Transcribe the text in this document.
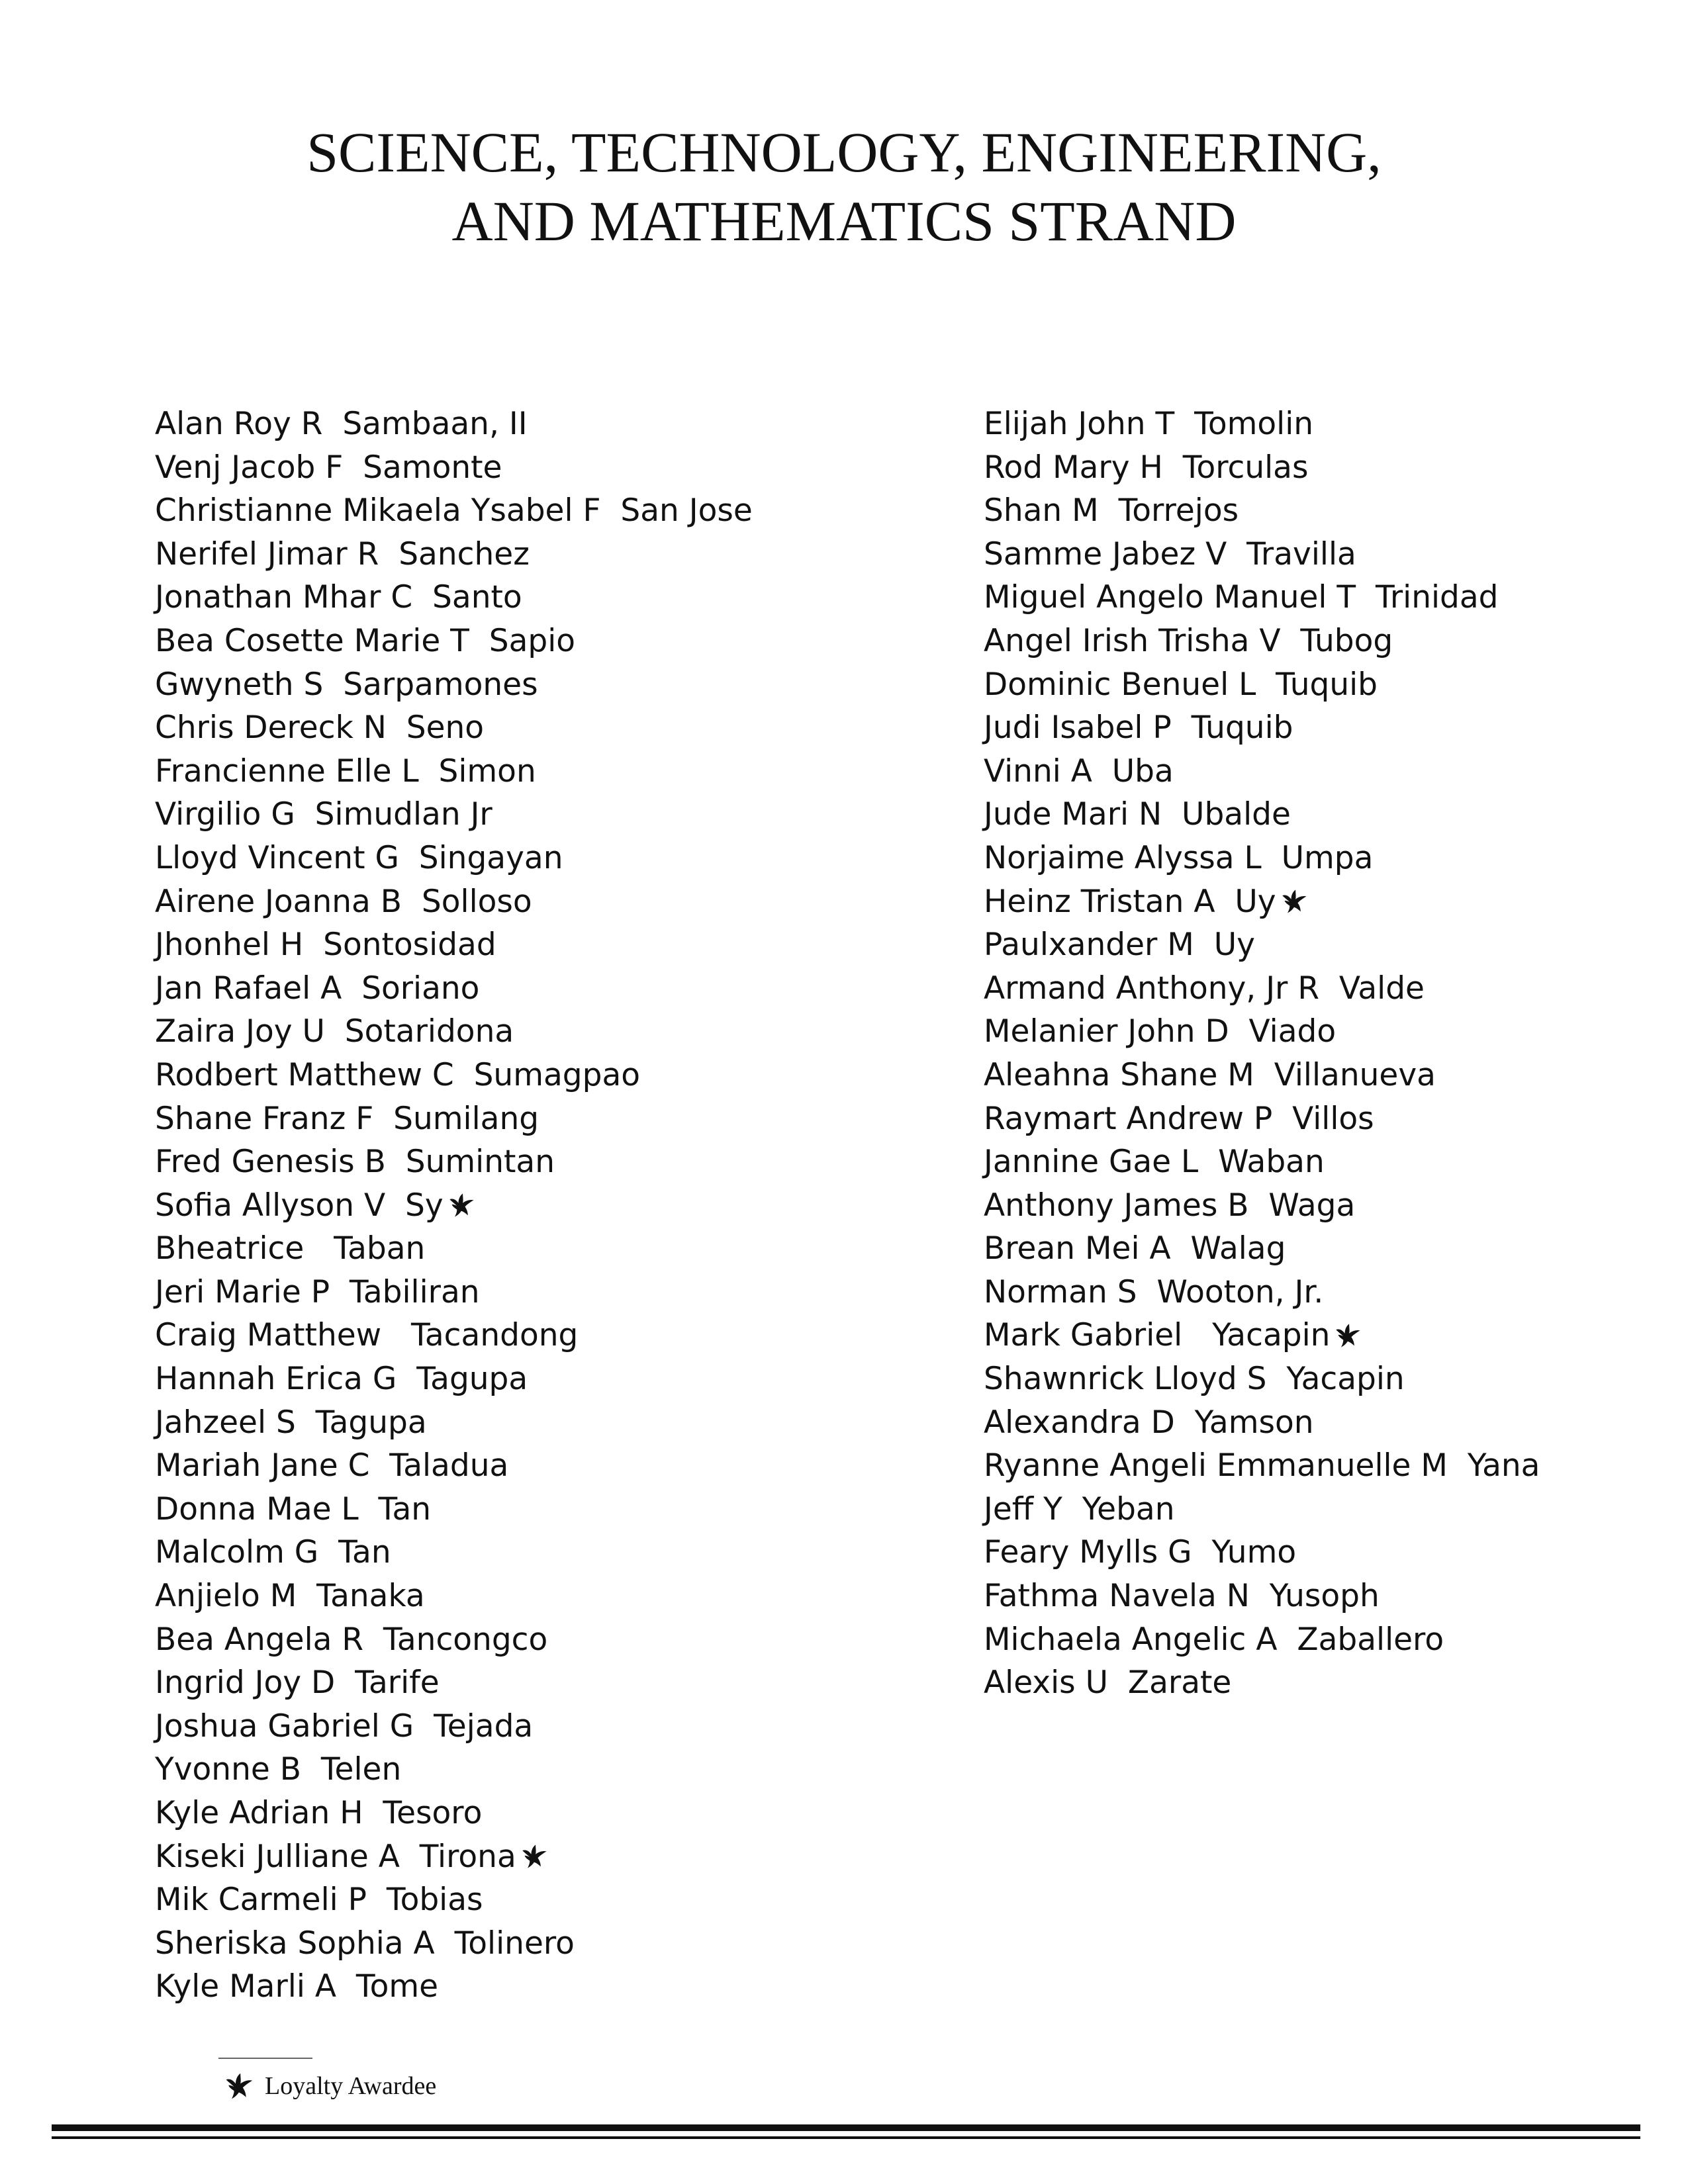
SCIENCE, TECHNOLOGY, ENGINEERING,
AND MATHEMATICS STRAND
Alan Roy R  Sambaan, II
Venj Jacob F  Samonte
Christianne Mikaela Ysabel F  San Jose
Nerifel Jimar R  Sanchez
Jonathan Mhar C  Santo
Bea Cosette Marie T  Sapio
Gwyneth S  Sarpamones
Chris Dereck N  Seno
Francienne Elle L  Simon
Virgilio G  Simudlan Jr
Lloyd Vincent G  Singayan
Airene Joanna B  Solloso
Jhonhel H  Sontosidad
Jan Rafael A  Soriano
Zaira Joy U  Sotaridona
Rodbert Matthew C  Sumagpao
Shane Franz F  Sumilang
Fred Genesis B  Sumintan
Sofia Allyson V  Sy
Bheatrice   Taban
Jeri Marie P  Tabiliran
Craig Matthew   Tacandong
Hannah Erica G  Tagupa
Jahzeel S  Tagupa
Mariah Jane C  Taladua
Donna Mae L  Tan
Malcolm G  Tan
Anjielo M  Tanaka
Bea Angela R  Tancongco
Ingrid Joy D  Tarife
Joshua Gabriel G  Tejada
Yvonne B  Telen
Kyle Adrian H  Tesoro
Kiseki Julliane A  Tirona
Mik Carmeli P  Tobias
Sheriska Sophia A  Tolinero
Kyle Marli A  Tome
Elijah John T  Tomolin
Rod Mary H  Torculas
Shan M  Torrejos
Samme Jabez V  Travilla
Miguel Angelo Manuel T  Trinidad
Angel Irish Trisha V  Tubog
Dominic Benuel L  Tuquib
Judi Isabel P  Tuquib
Vinni A  Uba
Jude Mari N  Ubalde
Norjaime Alyssa L  Umpa
Heinz Tristan A  Uy
Paulxander M  Uy
Armand Anthony, Jr R  Valde
Melanier John D  Viado
Aleahna Shane M  Villanueva
Raymart Andrew P  Villos
Jannine Gae L  Waban
Anthony James B  Waga
Brean Mei A  Walag
Norman S  Wooton, Jr.
Mark Gabriel   Yacapin
Shawnrick Lloyd S  Yacapin
Alexandra D  Yamson
Ryanne Angeli Emmanuelle M  Yana
Jeff Y  Yeban
Feary Mylls G  Yumo
Fathma Navela N  Yusoph
Michaela Angelic A  Zaballero
Alexis U  Zarate
Loyalty Awardee
